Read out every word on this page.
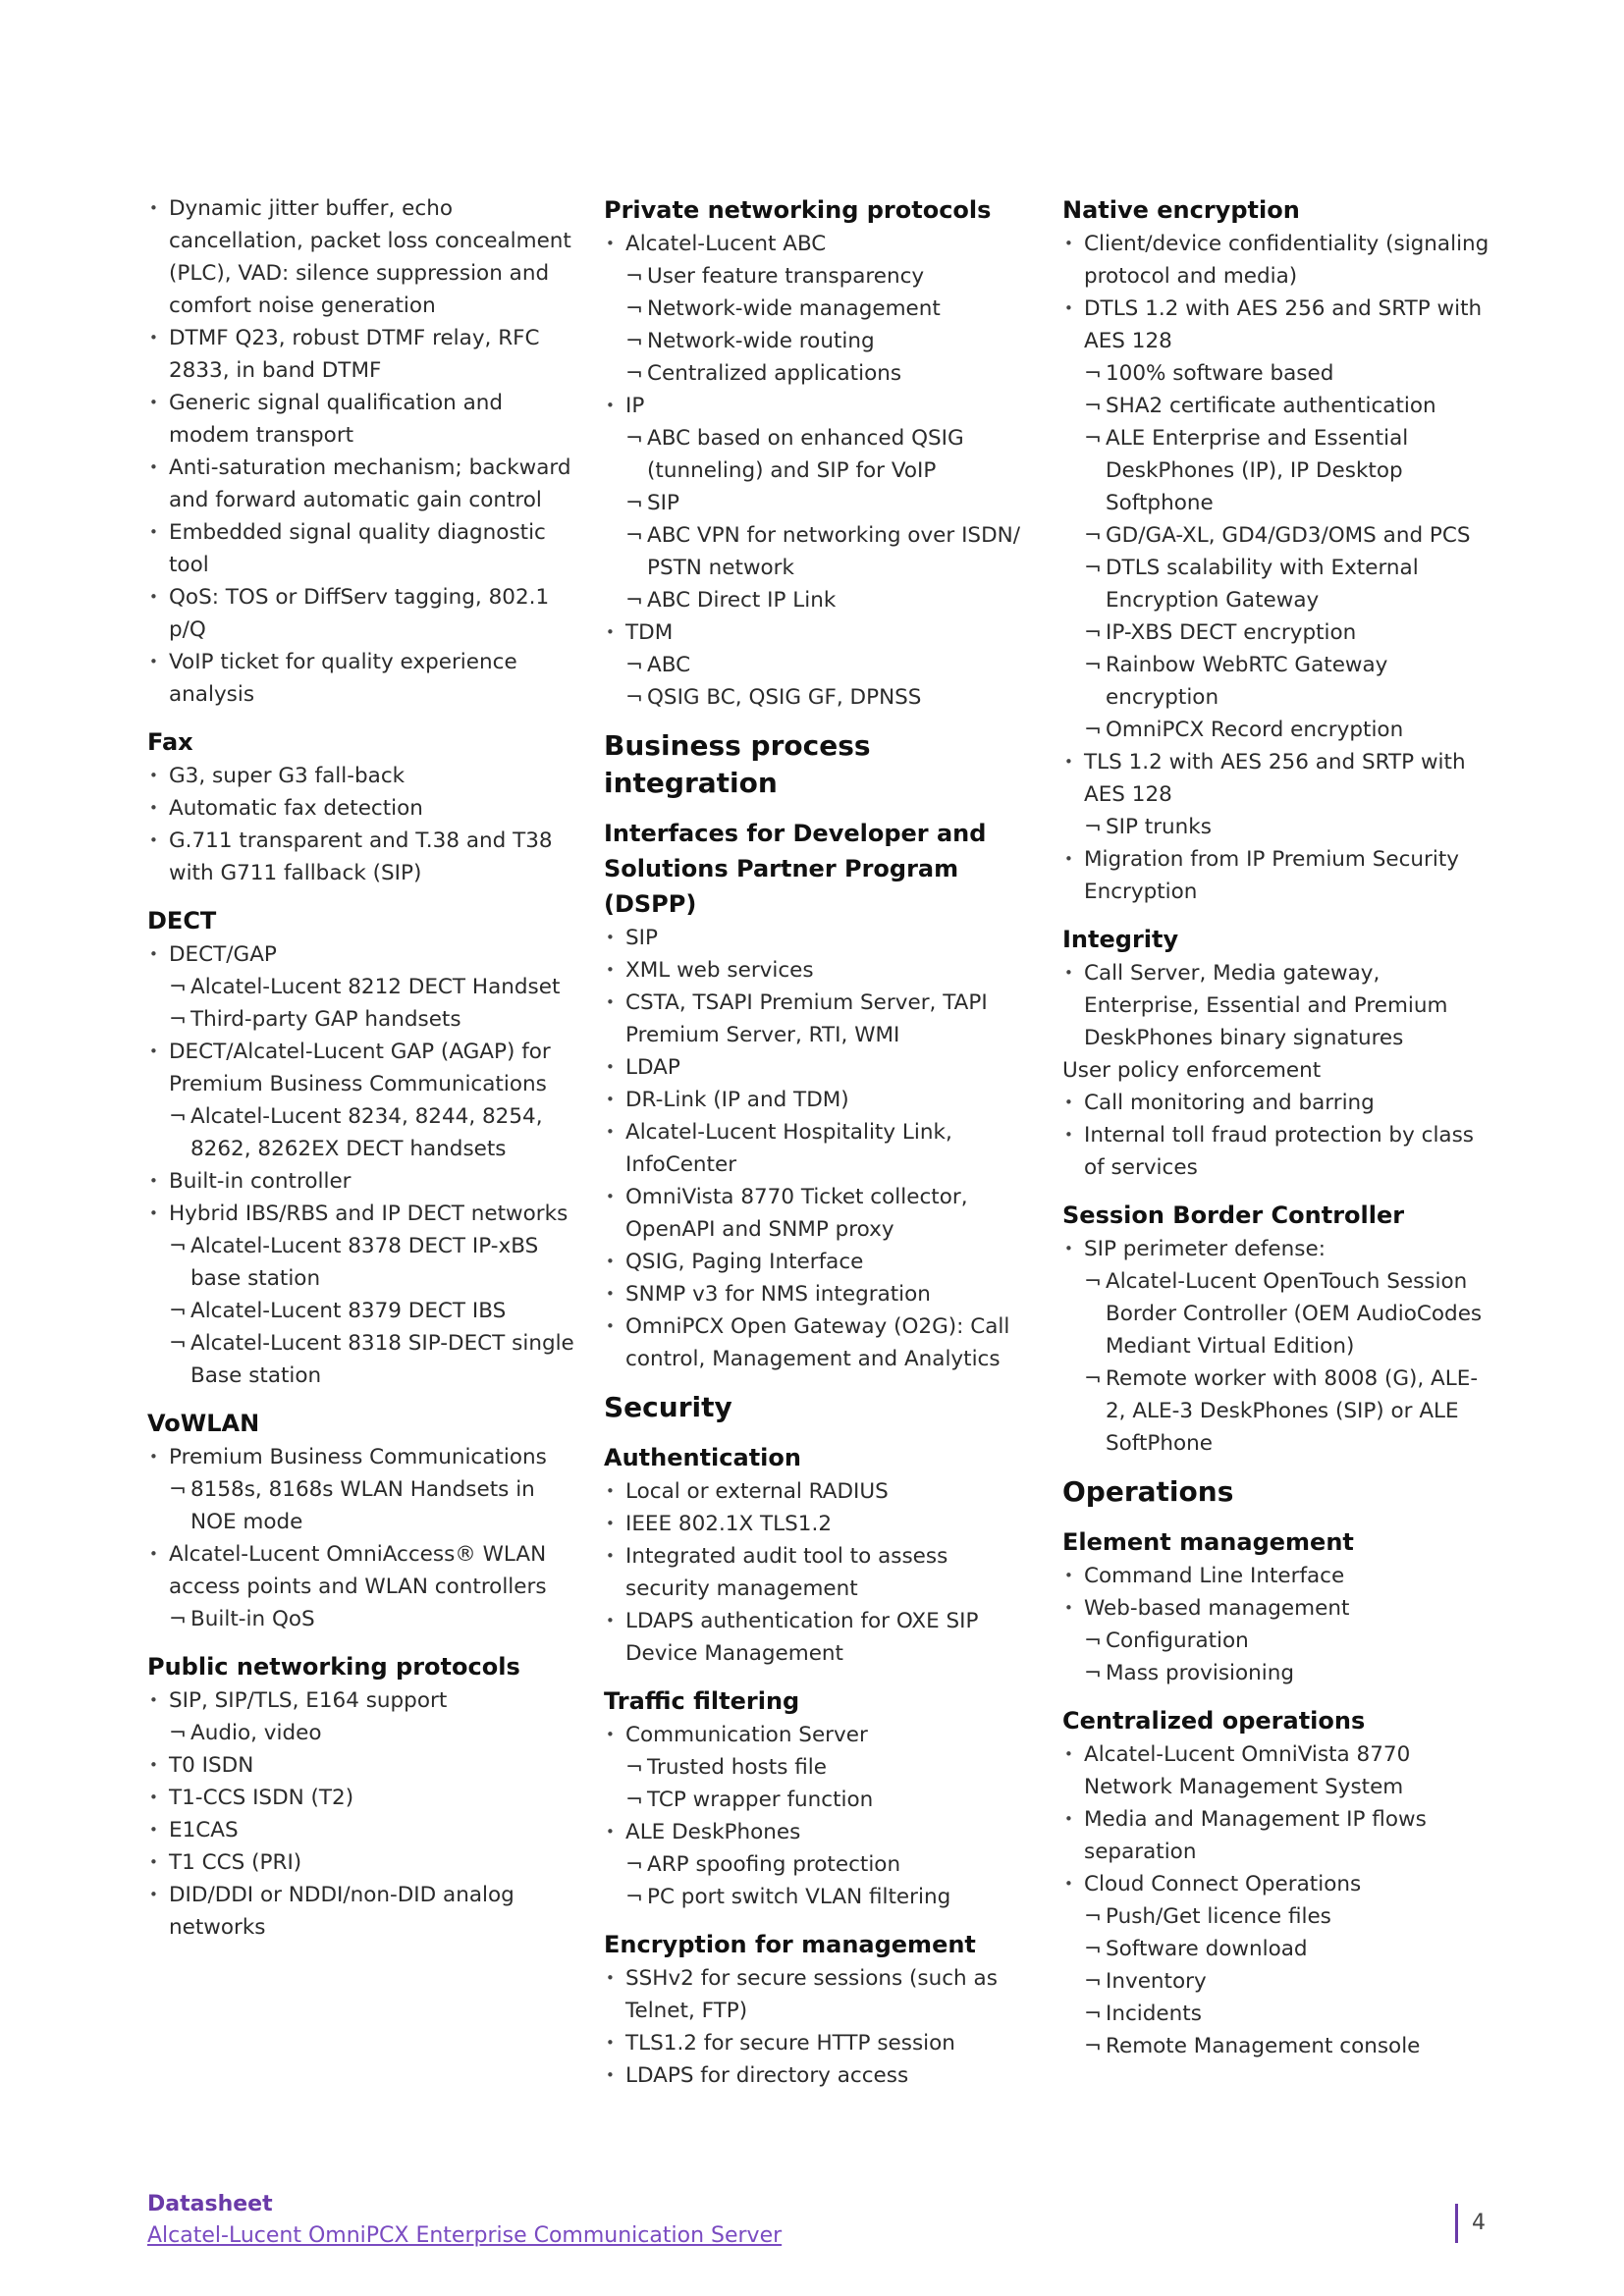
• Dynamic jitter buffer, echo cancellation, packet loss concealment (PLC), VAD: silence suppression and comfort noise generation
• DTMF Q23, robust DTMF relay, RFC 2833, in band DTMF
• Generic signal qualification and modem transport
• Anti-saturation mechanism; backward and forward automatic gain control
• Embedded signal quality diagnostic tool
• QoS: TOS or DiffServ tagging, 802.1 p/Q
• VoIP ticket for quality experience analysis
Fax
• G3, super G3 fall-back
• Automatic fax detection
• G.711 transparent and T.38 and T38 with G711 fallback (SIP)
DECT
• DECT/GAP
¬ Alcatel-Lucent 8212 DECT Handset
¬ Third-party GAP handsets
• DECT/Alcatel-Lucent GAP (AGAP) for Premium Business Communications
¬ Alcatel-Lucent 8234, 8244, 8254, 8262, 8262EX DECT handsets
• Built-in controller
• Hybrid IBS/RBS and IP DECT networks
¬ Alcatel-Lucent 8378 DECT IP-xBS base station
¬ Alcatel-Lucent 8379 DECT IBS
¬ Alcatel-Lucent 8318 SIP-DECT single Base station
VoWLAN
• Premium Business Communications
¬ 8158s, 8168s WLAN Handsets in NOE mode
• Alcatel-Lucent OmniAccess® WLAN access points and WLAN controllers
¬ Built-in QoS
Public networking protocols
• SIP, SIP/TLS, E164 support
¬ Audio, video
• T0 ISDN
• T1-CCS ISDN (T2)
• E1CAS
• T1 CCS (PRI)
• DID/DDI or NDDI/non-DID analog networks
Private networking protocols
• Alcatel-Lucent ABC
¬ User feature transparency
¬ Network-wide management
¬ Network-wide routing
¬ Centralized applications
• IP
¬ ABC based on enhanced QSIG (tunneling) and SIP for VoIP
¬ SIP
¬ ABC VPN for networking over ISDN/ PSTN network
¬ ABC Direct IP Link
• TDM
¬ ABC
¬ QSIG BC, QSIG GF, DPNSS
Business process integration
Interfaces for Developer and Solutions Partner Program (DSPP)
• SIP
• XML web services
• CSTA, TSAPI Premium Server, TAPI Premium Server, RTI, WMI
• LDAP
• DR-Link (IP and TDM)
• Alcatel-Lucent Hospitality Link, InfoCenter
• OmniVista 8770 Ticket collector, OpenAPI and SNMP proxy
• QSIG, Paging Interface
• SNMP v3 for NMS integration
• OmniPCX Open Gateway (O2G): Call control, Management and Analytics
Security
Authentication
• Local or external RADIUS
• IEEE 802.1X TLS1.2
• Integrated audit tool to assess security management
• LDAPS authentication for OXE SIP Device Management
Traffic filtering
• Communication Server
¬ Trusted hosts file
¬ TCP wrapper function
• ALE DeskPhones
¬ ARP spoofing protection
¬ PC port switch VLAN filtering
Encryption for management
• SSHv2 for secure sessions (such as Telnet, FTP)
• TLS1.2 for secure HTTP session
• LDAPS for directory access
Native encryption
• Client/device confidentiality (signaling protocol and media)
• DTLS 1.2 with AES 256 and SRTP with AES 128
¬ 100% software based
¬ SHA2 certificate authentication
¬ ALE Enterprise and Essential DeskPhones (IP), IP Desktop Softphone
¬ GD/GA-XL, GD4/GD3/OMS and PCS
¬ DTLS scalability with External Encryption Gateway
¬ IP-XBS DECT encryption
¬ Rainbow WebRTC Gateway encryption
¬ OmniPCX Record encryption
• TLS 1.2 with AES 256 and SRTP with AES 128
¬ SIP trunks
• Migration from IP Premium Security Encryption
Integrity
• Call Server, Media gateway, Enterprise, Essential and Premium DeskPhones binary signatures
User policy enforcement
• Call monitoring and barring
• Internal toll fraud protection by class of services
Session Border Controller
• SIP perimeter defense:
¬ Alcatel-Lucent OpenTouch Session Border Controller (OEM AudioCodes Mediant Virtual Edition)
¬ Remote worker with 8008 (G), ALE-2, ALE-3 DeskPhones (SIP) or ALE SoftPhone
Operations
Element management
• Command Line Interface
• Web-based management
¬ Configuration
¬ Mass provisioning
Centralized operations
• Alcatel-Lucent OmniVista 8770 Network Management System
• Media and Management IP flows separation
• Cloud Connect Operations
¬ Push/Get licence files
¬ Software download
¬ Inventory
¬ Incidents
¬ Remote Management console
Datasheet
Alcatel-Lucent OmniPCX Enterprise Communication Server
4
